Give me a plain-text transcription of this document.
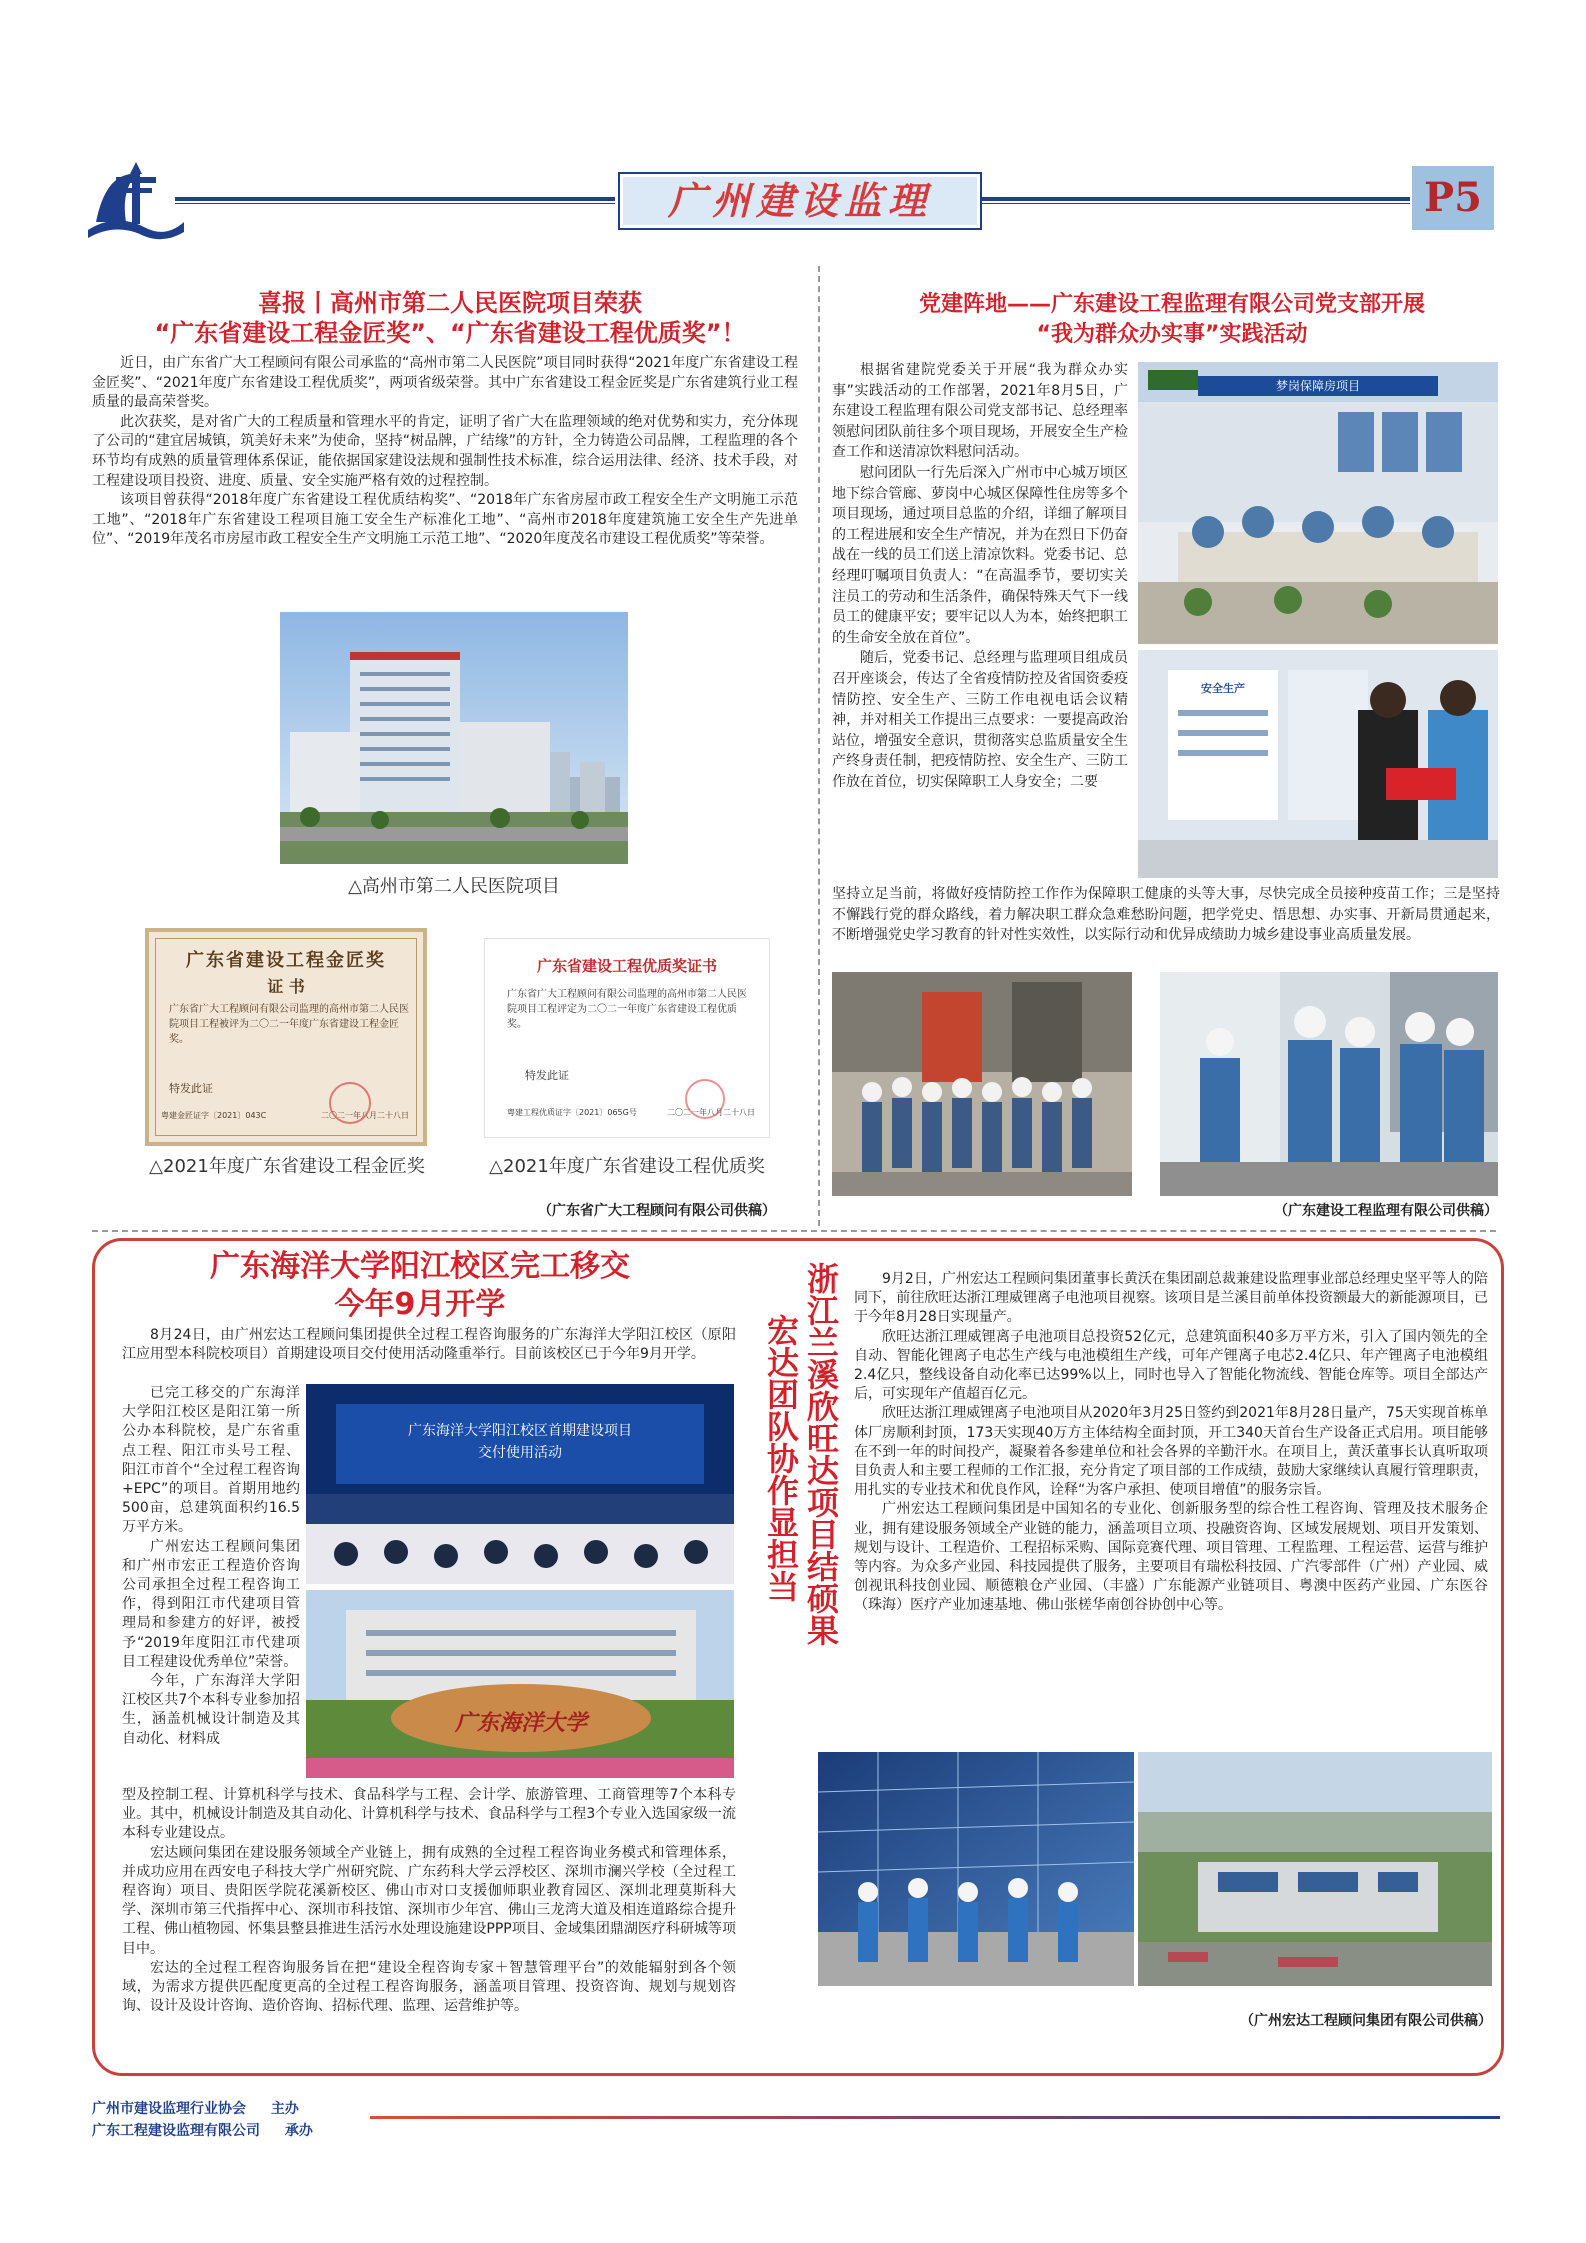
广州建设监理	P5
喜报丨高州市第二人民医院项目荣获
“广东省建设工程金匠奖”、“广东省建设工程优质奖”！

近日，由广东省广大工程顾问有限公司承监的“高州市第二人民医院”项目同时获得“2021年度广东省建设工程金匠奖”、“2021年度广东省建设工程优质奖”，两项省级荣誉。其中广东省建设工程金匠奖是广东省建筑行业工程质量的最高荣誉奖。

此次获奖，是对省广大的工程质量和管理水平的肯定，证明了省广大在监理领域的绝对优势和实力，充分体现了公司的“建宜居城镇，筑美好未来”为使命，坚持“树品牌，广结缘”的方针，全力铸造公司品牌，工程监理的各个环节均有成熟的质量管理体系保证，能依据国家建设法规和强制性技术标准，综合运用法律、经济、技术手段，对工程建设项目投资、进度、质量、安全实施严格有效的过程控制。

该项目曾获得“2018年度广东省建设工程优质结构奖”、“2018年广东省房屋市政工程安全生产文明施工示范工地”、“2018年广东省建设工程项目施工安全生产标准化工地”、“高州市2018年度建筑施工安全生产先进单位”、“2019年茂名市房屋市政工程安全生产文明施工示范工地”、“2020年度茂名市建设工程优质奖”等荣誉。

△高州市第二人民医院项目
广东省建设工程金匠奖
证 书
广东省广大工程顾问有限公司监理的高州市第二人民医院项目工程被评为二〇二一年度广东省建设工程金匠奖。
特发此证
粤建金匠证字〔2021〕043C	二〇二一年八月二十八日
△2021年度广东省建设工程金匠奖
广东省建设工程优质奖证书
广东省广大工程顾问有限公司监理的高州市第二人民医院项目工程评定为二〇二一年度广东省建设工程优质奖。
特发此证
粤建工程优质证字〔2021〕065G号	二〇二一年八月二十八日
△2021年度广东省建设工程优质奖
（广东省广大工程顾问有限公司供稿）
党建阵地——广东建设工程监理有限公司党支部开展
“我为群众办实事”实践活动

根据省建院党委关于开展“我为群众办实事”实践活动的工作部署，2021年8月5日，广东建设工程监理有限公司党支部书记、总经理率领慰问团队前往多个项目现场，开展安全生产检查工作和送清凉饮料慰问活动。

慰问团队一行先后深入广州市中心城万顷区地下综合管廊、萝岗中心城区保障性住房等多个项目现场，通过项目总监的介绍，详细了解项目的工程进展和安全生产情况，并为在烈日下仍奋战在一线的员工们送上清凉饮料。党委书记、总经理叮嘱项目负责人：“在高温季节，要切实关注员工的劳动和生活条件，确保特殊天气下一线员工的健康平安；要牢记以人为本，始终把职工的生命安全放在首位”。

随后，党委书记、总经理与监理项目组成员召开座谈会，传达了全省疫情防控及省国资委疫情防控、安全生产、三防工作电视电话会议精神，并对相关工作提出三点要求：一要提高政治站位，增强安全意识，贯彻落实总监质量安全生产终身责任制，把疫情防控、安全生产、三防工作放在首位，切实保障职工人身安全；二要

梦岗保障房项目
安全生产

坚持立足当前，将做好疫情防控工作作为保障职工健康的头等大事，尽快完成全员接种疫苗工作；三是坚持不懈践行党的群众路线，着力解决职工群众急难愁盼问题，把学党史、悟思想、办实事、开新局贯通起来，不断增强党史学习教育的针对性实效性，以实际行动和优异成绩助力城乡建设事业高质量发展。

（广东建设工程监理有限公司供稿）
广东海洋大学阳江校区完工移交
今年9月开学

8月24日，由广州宏达工程顾问集团提供全过程工程咨询服务的广东海洋大学阳江校区（原阳江应用型本科院校项目）首期建设项目交付使用活动隆重举行。目前该校区已于今年9月开学。

已完工移交的广东海洋大学阳江校区是阳江第一所公办本科院校，是广东省重点工程、阳江市头号工程、阳江市首个“全过程工程咨询+EPC”的项目。首期用地约500亩，总建筑面积约16.5万平方米。

广州宏达工程顾问集团和广州市宏正工程造价咨询公司承担全过程工程咨询工作，得到阳江市代建项目管理局和参建方的好评，被授予“2019年度阳江市代建项目工程建设优秀单位”荣誉。

今年，广东海洋大学阳江校区共7个本科专业参加招生，涵盖机械设计制造及其自动化、材料成

广东海洋大学阳江校区首期建设项目
交付使用活动
广东海洋大学

型及控制工程、计算机科学与技术、食品科学与工程、会计学、旅游管理、工商管理等7个本科专业。其中，机械设计制造及其自动化、计算机科学与技术、食品科学与工程3个专业入选国家级一流本科专业建设点。

宏达顾问集团在建设服务领域全产业链上，拥有成熟的全过程工程咨询业务模式和管理体系，并成功应用在西安电子科技大学广州研究院、广东药科大学云浮校区、深圳市澜兴学校（全过程工程咨询）项目、贵阳医学院花溪新校区、佛山市对口支援伽师职业教育园区、深圳北理莫斯科大学、深圳市第三代指挥中心、深圳市科技馆、深圳市少年宫、佛山三龙湾大道及相连道路综合提升工程、佛山植物园、怀集县整县推进生活污水处理设施建设PPP项目、金域集团鼎湖医疗科研城等项目中。

宏达的全过程工程咨询服务旨在把“建设全程咨询专家＋智慧管理平台”的效能辐射到各个领域，为需求方提供匹配度更高的全过程工程咨询服务，涵盖项目管理、投资咨询、规划与规划咨询、设计及设计咨询、造价咨询、招标代理、监理、运营维护等。

宏达团队协作显担当 浙江兰溪欣旺达项目结硕果	9月2日，广州宏达工程顾问集团董事长黄沃在集团副总裁兼建设监理事业部总经理史坚平等人的陪同下，前往欣旺达浙江理威锂离子电池项目视察。该项目是兰溪目前单体投资额最大的新能源项目，已于今年8月28日实现量产。

欣旺达浙江理威锂离子电池项目总投资52亿元，总建筑面积40多万平方米，引入了国内领先的全自动、智能化锂离子电芯生产线与电池模组生产线，可年产锂离子电芯2.4亿只、年产锂离子电池模组2.4亿只，整线设备自动化率已达99%以上，同时也导入了智能化物流线、智能仓库等。项目全部达产后，可实现年产值超百亿元。

欣旺达浙江理威锂离子电池项目从2020年3月25日签约到2021年8月28日量产，75天实现首栋单体厂房顺利封顶，173天实现40万方主体结构全面封顶，开工340天首台生产设备正式启用。项目能够在不到一年的时间投产，凝聚着各参建单位和社会各界的辛勤汗水。在项目上，黄沃董事长认真听取项目负责人和主要工程师的工作汇报，充分肯定了项目部的工作成绩，鼓励大家继续认真履行管理职责，用扎实的专业技术和优良作风，诠释“为客户承担、使项目增值”的服务宗旨。

广州宏达工程顾问集团是中国知名的专业化、创新服务型的综合性工程咨询、管理及技术服务企业，拥有建设服务领域全产业链的能力，涵盖项目立项、投融资咨询、区域发展规划、项目开发策划、规划与设计、工程造价、工程招标采购、国际竞赛代理、项目管理、工程监理、工程运营、运营与维护等内容。为众多产业园、科技园提供了服务，主要项目有瑞松科技园、广汽零部件（广州）产业园、威创视讯科技创业园、顺德粮仓产业园、（丰盛）广东能源产业链项目、粤澳中医药产业园、广东医谷（珠海）医疗产业加速基地、佛山张槎华南创谷协创中心等。

（广州宏达工程顾问集团有限公司供稿）
广州市建设监理行业协会 主办
广东工程建设监理有限公司 承办
